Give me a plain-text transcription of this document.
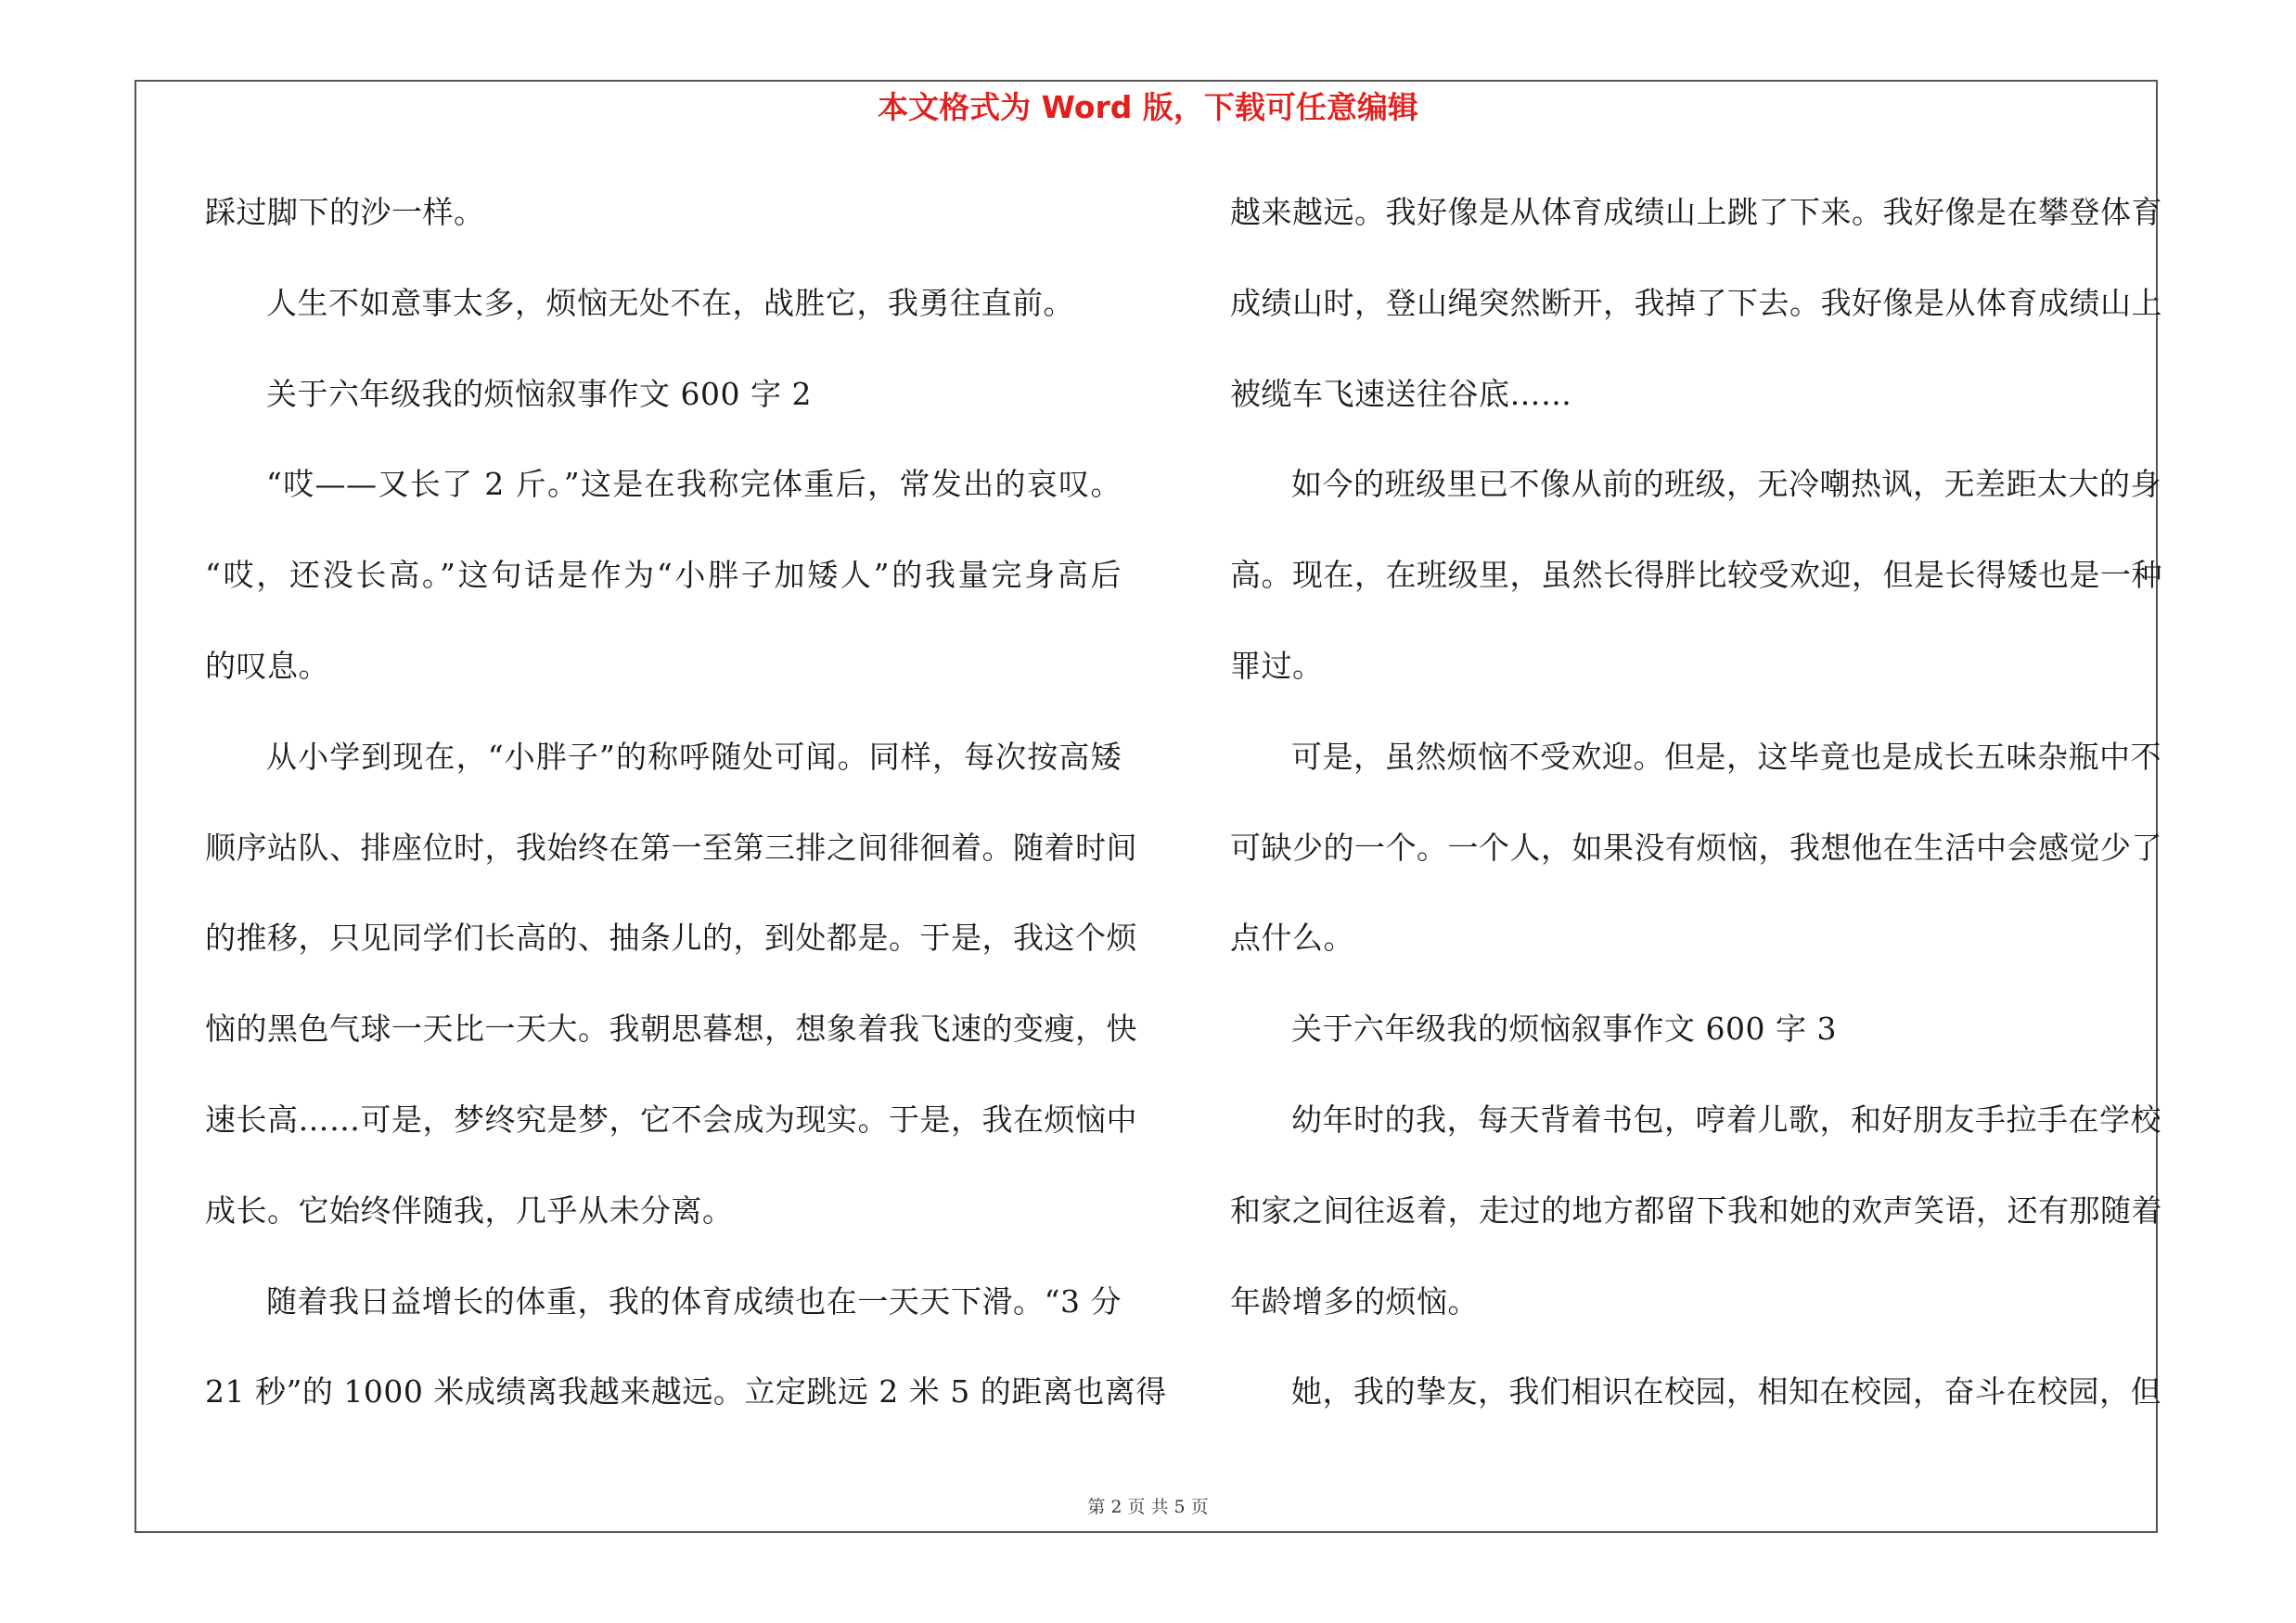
本文格式为 Word 版，下载可任意编辑
踩过脚下的沙一样。
人生不如意事太多，烦恼无处不在，战胜它，我勇往直前。
关于六年级我的烦恼叙事作文 600 字 2
“哎——又长了 2 斤。”这是在我称完体重后，常发出的哀叹。
“哎，还没长高。”这句话是作为“小胖子加矮人”的我量完身高后
的叹息。
从小学到现在，“小胖子”的称呼随处可闻。同样，每次按高矮
顺序站队、排座位时，我始终在第一至第三排之间徘徊着。随着时间
的推移，只见同学们长高的、抽条儿的，到处都是。于是，我这个烦
恼的黑色气球一天比一天大。我朝思暮想，想象着我飞速的变瘦，快
速长高……可是，梦终究是梦，它不会成为现实。于是，我在烦恼中
成长。它始终伴随我，几乎从未分离。
随着我日益增长的体重，我的体育成绩也在一天天下滑。“3 分
21 秒”的 1000 米成绩离我越来越远。立定跳远 2 米 5 的距离也离得
越来越远。我好像是从体育成绩山上跳了下来。我好像是在攀登体育
成绩山时，登山绳突然断开，我掉了下去。我好像是从体育成绩山上
被缆车飞速送往谷底……
如今的班级里已不像从前的班级，无冷嘲热讽，无差距太大的身
高。现在，在班级里，虽然长得胖比较受欢迎，但是长得矮也是一种
罪过。
可是，虽然烦恼不受欢迎。但是，这毕竟也是成长五味杂瓶中不
可缺少的一个。一个人，如果没有烦恼，我想他在生活中会感觉少了
点什么。
关于六年级我的烦恼叙事作文 600 字 3
幼年时的我，每天背着书包，哼着儿歌，和好朋友手拉手在学校
和家之间往返着，走过的地方都留下我和她的欢声笑语，还有那随着
年龄增多的烦恼。
她，我的挚友，我们相识在校园，相知在校园，奋斗在校园，但
第 2 页 共 5 页
